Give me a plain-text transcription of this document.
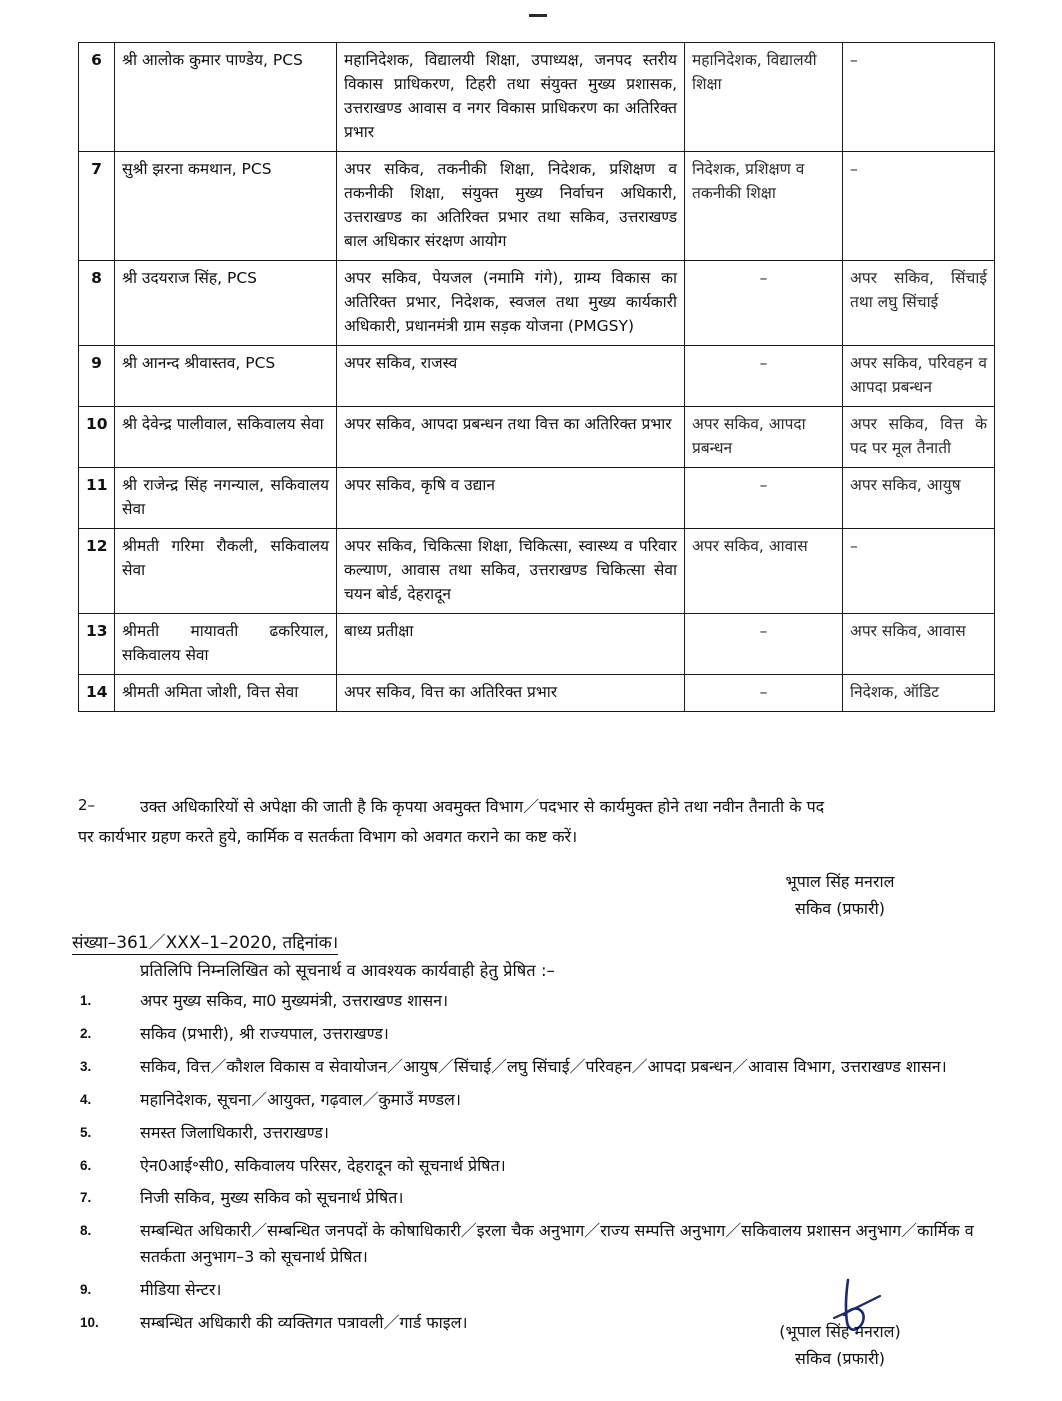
6	श्री आलोक कुमार पाण्डेय, PCS	महानिदेशक, विद्यालयी शिक्षा, उपाध्यक्ष, जनपद स्तरीय विकास प्राधिकरण, टिहरी तथा संयुक्त मुख्य प्रशासक, उत्तराखण्ड आवास व नगर विकास प्राधिकरण का अतिरिक्त प्रभार	महानिदेशक, विद्यालयी शिक्षा	–
7	सुश्री झरना कमथान, PCS	अपर सकिव, तकनीकी शिक्षा, निदेशक, प्रशिक्षण व तकनीकी शिक्षा, संयुक्त मुख्य निर्वाचन अधिकारी, उत्तराखण्ड का अतिरिक्त प्रभार तथा सकिव, उत्तराखण्ड बाल अधिकार संरक्षण आयोग	निदेशक, प्रशिक्षण व तकनीकी शिक्षा	–
8	श्री उदयराज सिंह, PCS	अपर सकिव, पेयजल (नमामि गंगे), ग्राम्य विकास का अतिरिक्त प्रभार, निदेशक, स्वजल तथा मुख्य कार्यकारी अधिकारी, प्रधानमंत्री ग्राम सड़क योजना (PMGSY)	–	अपर सकिव, सिंचाई तथा लघु सिंचाई
9	श्री आनन्द श्रीवास्तव, PCS	अपर सकिव, राजस्व	–	अपर सकिव, परिवहन व आपदा प्रबन्धन
10	श्री देवेन्द्र पालीवाल, सकिवालय सेवा	अपर सकिव, आपदा प्रबन्धन तथा वित्त का अतिरिक्त प्रभार	अपर सकिव, आपदा प्रबन्धन	अपर सकिव, वित्त के पद पर मूल तैनाती
11	श्री राजेन्द्र सिंह नगन्याल, सकिवालय सेवा	अपर सकिव, कृषि व उद्यान	–	अपर सकिव, आयुष
12	श्रीमती गरिमा रौकली, सकिवालय सेवा	अपर सकिव, चिकित्सा शिक्षा, चिकित्सा, स्वास्थ्य व परिवार कल्याण, आवास तथा सकिव, उत्तराखण्ड चिकित्सा सेवा चयन बोर्ड, देहरादून	अपर सकिव, आवास	–
13	श्रीमती मायावती ढकरियाल, सकिवालय सेवा	बाध्य प्रतीक्षा	–	अपर सकिव, आवास
14	श्रीमती अमिता जोशी, वित्त सेवा	अपर सकिव, वित्त का अतिरिक्त प्रभार	–	निदेशक, ऑडिट
2–	उक्त अधिकारियों से अपेक्षा की जाती है कि कृपया अवमुक्त विभाग／पदभार से कार्यमुक्त होने तथा नवीन तैनाती के पद
पर कार्यभार ग्रहण करते हुये, कार्मिक व सतर्कता विभाग को अवगत कराने का कष्ट करें।
भूपाल सिंह मनराल
सकिव (प्रफारी)
संख्या–361／XXX–1–2020, तद्दिनांक।
प्रतिलिपि निम्नलिखित को सूचनार्थ व आवश्यक कार्यवाही हेतु प्रेषित :–
1.	अपर मुख्य सकिव, मा0 मुख्यमंत्री, उत्तराखण्ड शासन।
2.	सकिव (प्रभारी), श्री राज्यपाल, उत्तराखण्ड।
3.	सकिव, वित्त／कौशल विकास व सेवायोजन／आयुष／सिंचाई／लघु सिंचाई／परिवहन／आपदा प्रबन्धन／आवास विभाग, उत्तराखण्ड शासन।
4.	महानिदेशक, सूचना／आयुक्त, गढ़वाल／कुमाउँ मण्डल।
5.	समस्त जिलाधिकारी, उत्तराखण्ड।
6.	ऐन0आई॰सी0, सकिवालय परिसर, देहरादून को सूचनार्थ प्रेषित।
7.	निजी सकिव, मुख्य सकिव को सूचनार्थ प्रेषित।
8.	सम्बन्धित अधिकारी／सम्बन्धित जनपदों के कोषाधिकारी／इरला चैक अनुभाग／राज्य सम्पत्ति अनुभाग／सकिवालय प्रशासन अनुभाग／कार्मिक व सतर्कता अनुभाग–3 को सूचनार्थ प्रेषित।
9.	मीडिया सेन्टर।
10.	सम्बन्धित अधिकारी की व्यक्तिगत पत्रावली／गार्ड फाइल।	(भूपाल सिंह मनराल)
सकिव (प्रफारी)
